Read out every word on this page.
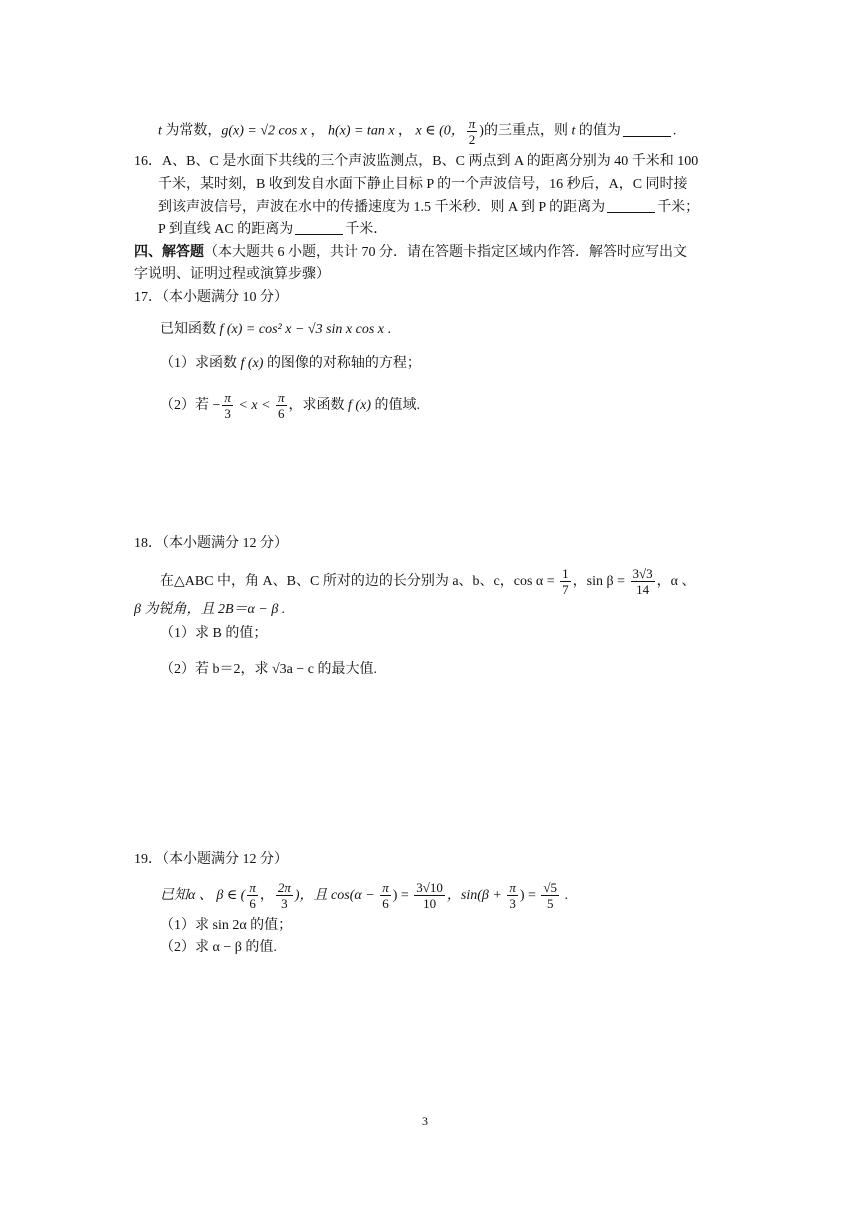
t 为常数，g(x) = √2 cos x ， h(x) = tan x ， x ∈ (0， $\frac{\pi}{2}$ )的三重点，则 t 的值为	.
16．A、B、C 是水面下共线的三个声波监测点，B、C 两点到 A 的距离分别为 40 千米和 100
千米，某时刻，B 收到发自水面下静止目标 P 的一个声波信号，16 秒后，A，C 同时接
到该声波信号，声波在水中的传播速度为 1.5 千米秒．则 A 到 P 的距离为	千米；
P 到直线 AC 的距离为	千米．
四、解答题（本大题共 6 小题，共计 70 分．请在答题卡指定区域内作答．解答时应写出文
字说明、证明过程或演算步骤）
17．（本小题满分 10 分）
已知函数 f (x) = cos² x − √3 sin x cos x .
（1）求函数 f (x) 的图像的对称轴的方程；
（2）若 − $\frac{\pi}{3} < x < \frac{\pi}{6}$ ，求函数 f (x) 的值域.
18．（本小题满分 12 分）
在△ABC 中，角 A、B、C 所对的边的长分别为 a、b、c，$\cos \alpha = \frac{1}{7}$ ，$\sin \beta = \frac{3√3}{14}$ ，α 、
β 为锐角，且 2B＝α − β .
（1）求 B 的值；
（2）若 b＝2，求 √3a − c 的最大值.
19．（本小题满分 12 分）
已知α 、 β ∈ ( $\frac{\pi}{6}$ ， $\frac{2\pi}{3}$ )，且 $\cos(\alpha - \frac{\pi}{6}$ ) = $\frac{3√10}{10}$ ，$\sin(\beta + \frac{\pi}{3}$ ) = $\frac{√5}{5}$ .
（1）求 sin 2α 的值；
（2）求 α − β 的值.
3
